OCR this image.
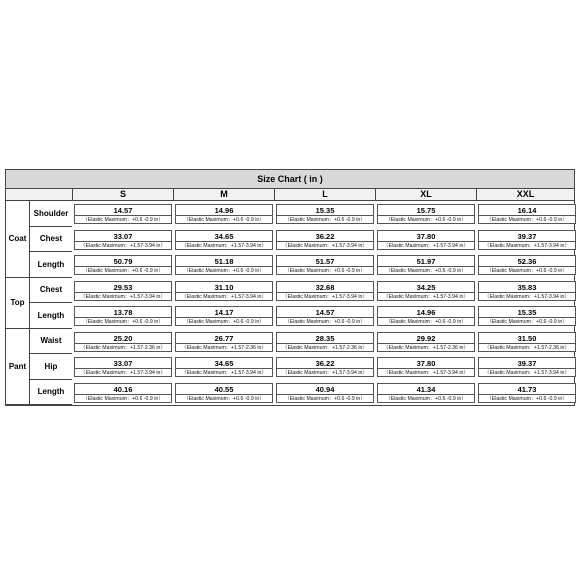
Size Chart ( in )
S	M	L	XL	XXL
Coat
Shoulder	14.57
（Elastic Maximum：+0.6 -0.9 in）
14.96
（Elastic Maximum：+0.6 -0.9 in）
15.35
（Elastic Maximum：+0.6 -0.9 in）
15.75
（Elastic Maximum：+0.6 -0.9 in）
16.14
（Elastic Maximum：+0.6 -0.9 in）
Chest	33.07
（Elastic Maximum：+1.57-3.94 in）
34.65
（Elastic Maximum：+1.57-3.94 in）
36.22
（Elastic Maximum：+1.57-3.94 in）
37.80
（Elastic Maximum：+1.57-3.94 in）
39.37
（Elastic Maximum：+1.57-3.94 in）
Length	50.79
（Elastic Maximum：+0.6 -0.9 in）
51.18
（Elastic Maximum：+0.6 -0.9 in）
51.57
（Elastic Maximum：+0.6 -0.9 in）
51.97
（Elastic Maximum：+0.6 -0.9 in）
52.36
（Elastic Maximum：+0.6 -0.9 in）
Top
Chest	29.53
（Elastic Maximum：+1.57-3.94 in）
31.10
（Elastic Maximum：+1.57-3.94 in）
32.68
（Elastic Maximum：+1.57-3.94 in）
34.25
（Elastic Maximum：+1.57-3.94 in）
35.83
（Elastic Maximum：+1.57-3.94 in）
Length	13.78
（Elastic Maximum：+0.6 -0.9 in）
14.17
（Elastic Maximum：+0.6 -0.9 in）
14.57
（Elastic Maximum：+0.6 -0.9 in）
14.96
（Elastic Maximum：+0.6 -0.9 in）
15.35
（Elastic Maximum：+0.6 -0.9 in）
Pant
Waist	25.20
（Elastic Maximum：+1.57-2.36 in）
26.77
（Elastic Maximum：+1.57-2.36 in）
28.35
（Elastic Maximum：+1.57-2.36 in）
29.92
（Elastic Maximum：+1.57-2.36 in）
31.50
（Elastic Maximum：+1.57-2.36 in）
Hip	33.07
（Elastic Maximum：+1.57-3.94 in）
34.65
（Elastic Maximum：+1.57-3.94 in）
36.22
（Elastic Maximum：+1.57-3.94 in）
37.80
（Elastic Maximum：+1.57-3.94 in）
39.37
（Elastic Maximum：+1.57-3.94 in）
Length	40.16
（Elastic Maximum：+0.6 -0.9 in）
40.55
（Elastic Maximum：+0.6 -0.9 in）
40.94
（Elastic Maximum：+0.6 -0.9 in）
41.34
（Elastic Maximum：+0.6 -0.9 in）
41.73
（Elastic Maximum：+0.6 -0.9 in）
